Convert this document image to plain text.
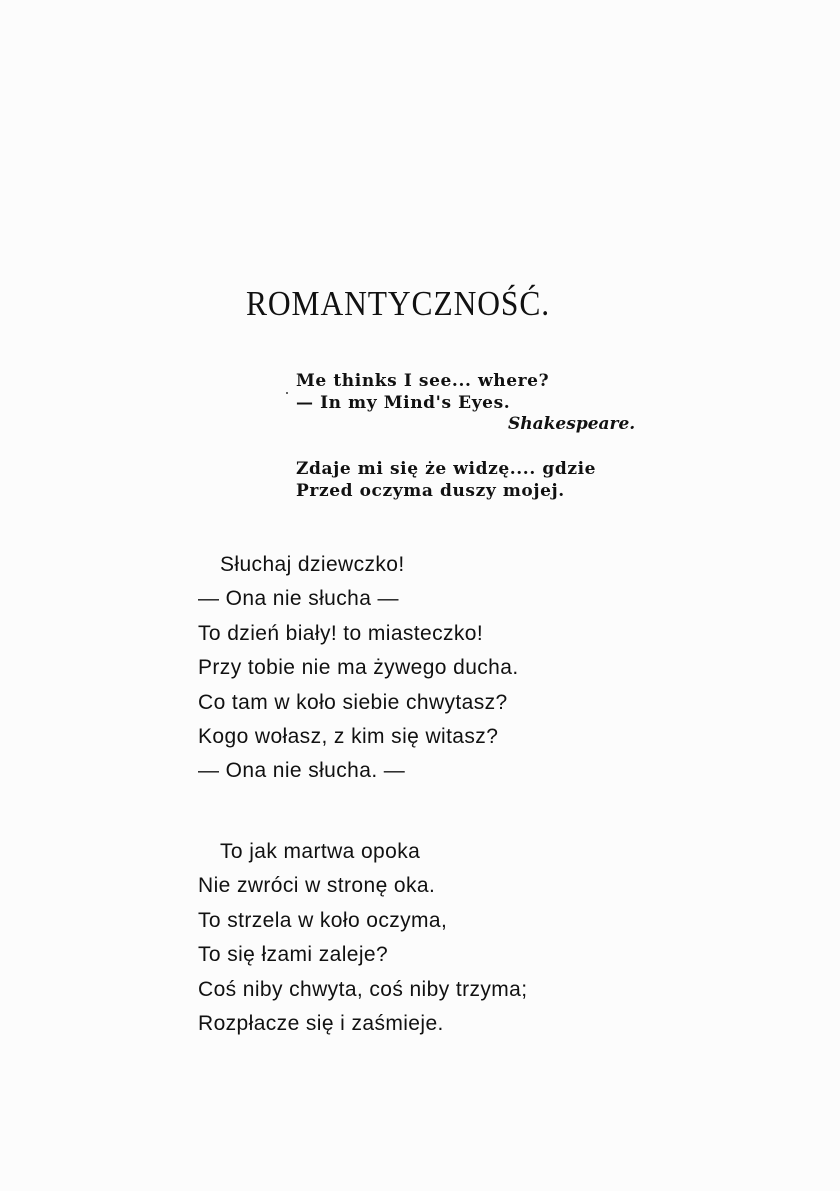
ROMANTYCZNOŚĆ.
Me thinks I see... where?
— In my Mind's Eyes.
Shakespeare.
Zdaje mi się że widzę.... gdzie
Przed oczyma duszy mojej.
Słuchaj dziewczko!
— Ona nie słucha —
To dzień biały! to miasteczko!
Przy tobie nie ma żywego ducha.
Co tam w koło siebie chwytasz?
Kogo wołasz, z kim się witasz?
— Ona nie słucha. —
To jak martwa opoka
Nie zwróci w stronę oka.
To strzela w koło oczyma,
To się łzami zaleje?
Coś niby chwyta, coś niby trzyma;
Rozpłacze się i zaśmieje.
